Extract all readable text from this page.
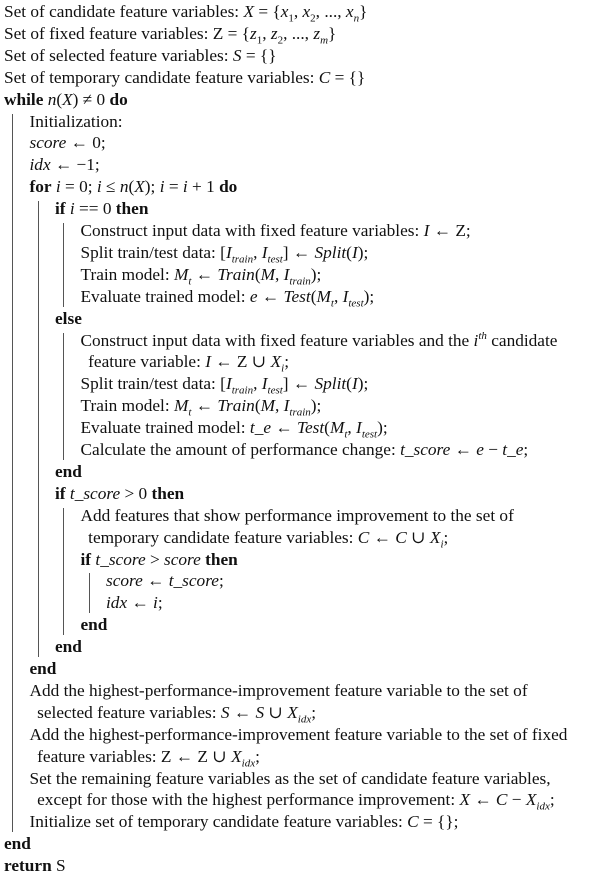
Set of candidate feature variables: $X = \{x_1$, $x_2$, ..., $x_n$}
Set of fixed feature variables: $Z = \{z_1$, $z_2$, ..., $z_m$}
Set of selected feature variables: S = {}
Set of temporary candidate feature variables: C = {}
while n(X) ≠ 0 do
Initialization:
score ← 0;
idx ← −1;
for i = 0; i ≤ n(X); i = i + 1 do
if i == 0 then
Construct input data with fixed feature variables: I ← Z;
Split train/test data: [$I_{train}$, $I_{test}$] ← Split(I);
Train model: $M_t$ ← Train(M, $I_{train}$);
Evaluate trained model: e ← $Test(M_t$, $I_{test}$);
else
Construct input data with fixed feature variables and the $i^{th}$ candidate
feature variable: I ← Z ∪ $X_i$;
Split train/test data: [$I_{train}$, $I_{test}$] ← Split(I);
Train model: $M_t$ ← Train(M, $I_{train}$);
Evaluate trained model: t_e ← $Test(M_t$, $I_{test}$);
Calculate the amount of performance change: t_score ← e − t_e;
end
if t_score > 0 then
Add features that show performance improvement to the set of
temporary candidate feature variables: C ← C ∪ $X_i$;
if t_score > score then
score ← t_score;
idx ← i;
end
end
end
Add the highest-performance-improvement feature variable to the set of
selected feature variables: S ← S ∪ $X_{idx}$;
Add the highest-performance-improvement feature variable to the set of fixed
feature variables: Z ← Z ∪ $X_{idx}$;
Set the remaining feature variables as the set of candidate feature variables,
except for those with the highest performance improvement: X ← $C - X_{idx}$;
Initialize set of temporary candidate feature variables: C = {};
end
return S
